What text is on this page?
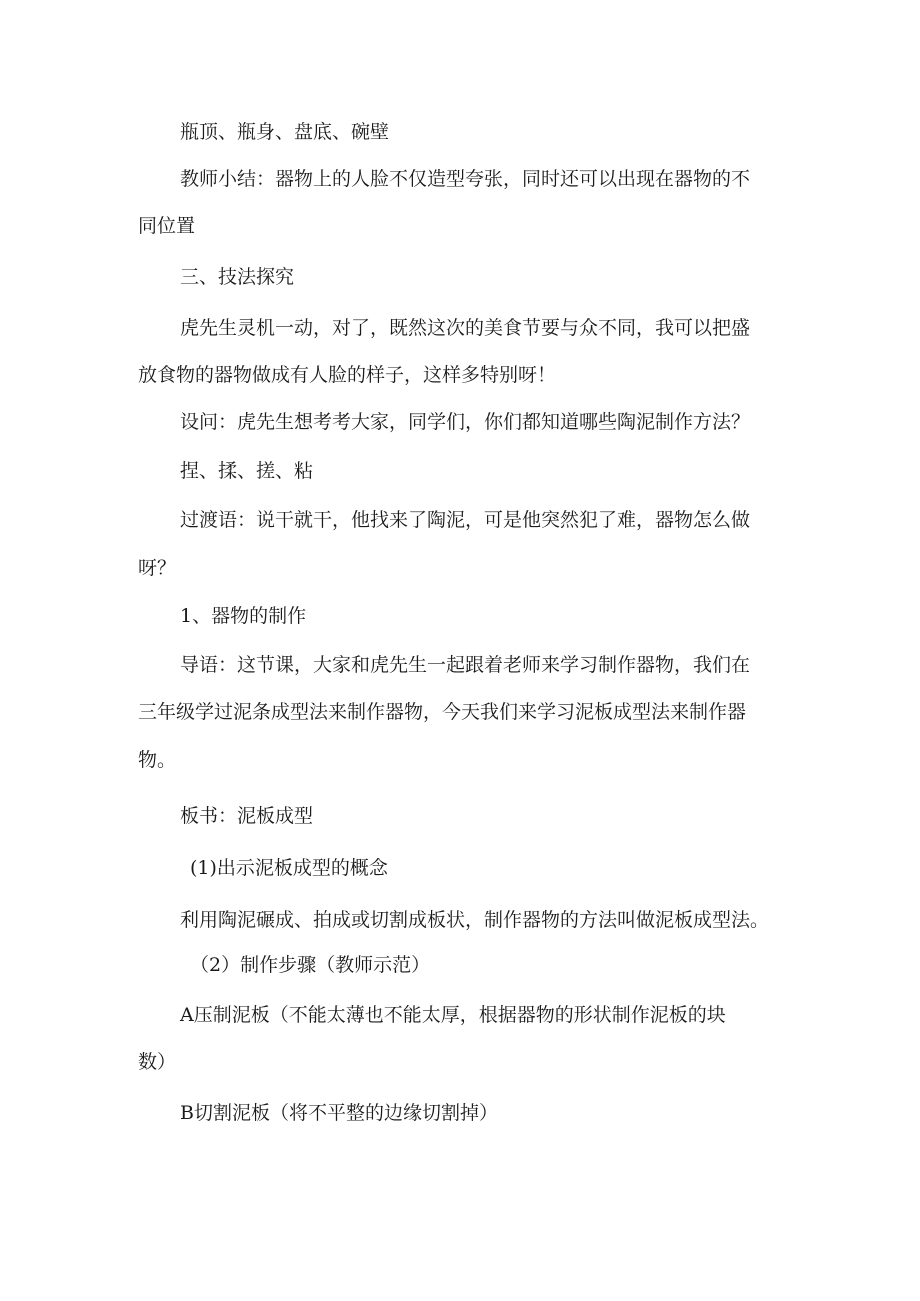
瓶顶、瓶身、盘底、碗壁

教师小结：器物上的人脸不仅造型夸张，同时还可以出现在器物的不

同位置

三、技法探究

虎先生灵机一动，对了，既然这次的美食节要与众不同，我可以把盛

放食物的器物做成有人脸的样子，这样多特别呀！

设问：虎先生想考考大家，同学们，你们都知道哪些陶泥制作方法？

捏、揉、搓、粘

过渡语：说干就干，他找来了陶泥，可是他突然犯了难，器物怎么做

呀？

1、器物的制作

导语：这节课，大家和虎先生一起跟着老师来学习制作器物，我们在

三年级学过泥条成型法来制作器物，今天我们来学习泥板成型法来制作器

物。

板书：泥板成型

(1)出示泥板成型的概念

利用陶泥碾成、拍成或切割成板状，制作器物的方法叫做泥板成型法。

（2）制作步骤（教师示范）

A压制泥板（不能太薄也不能太厚，根据器物的形状制作泥板的块

数）

B切割泥板（将不平整的边缘切割掉）
